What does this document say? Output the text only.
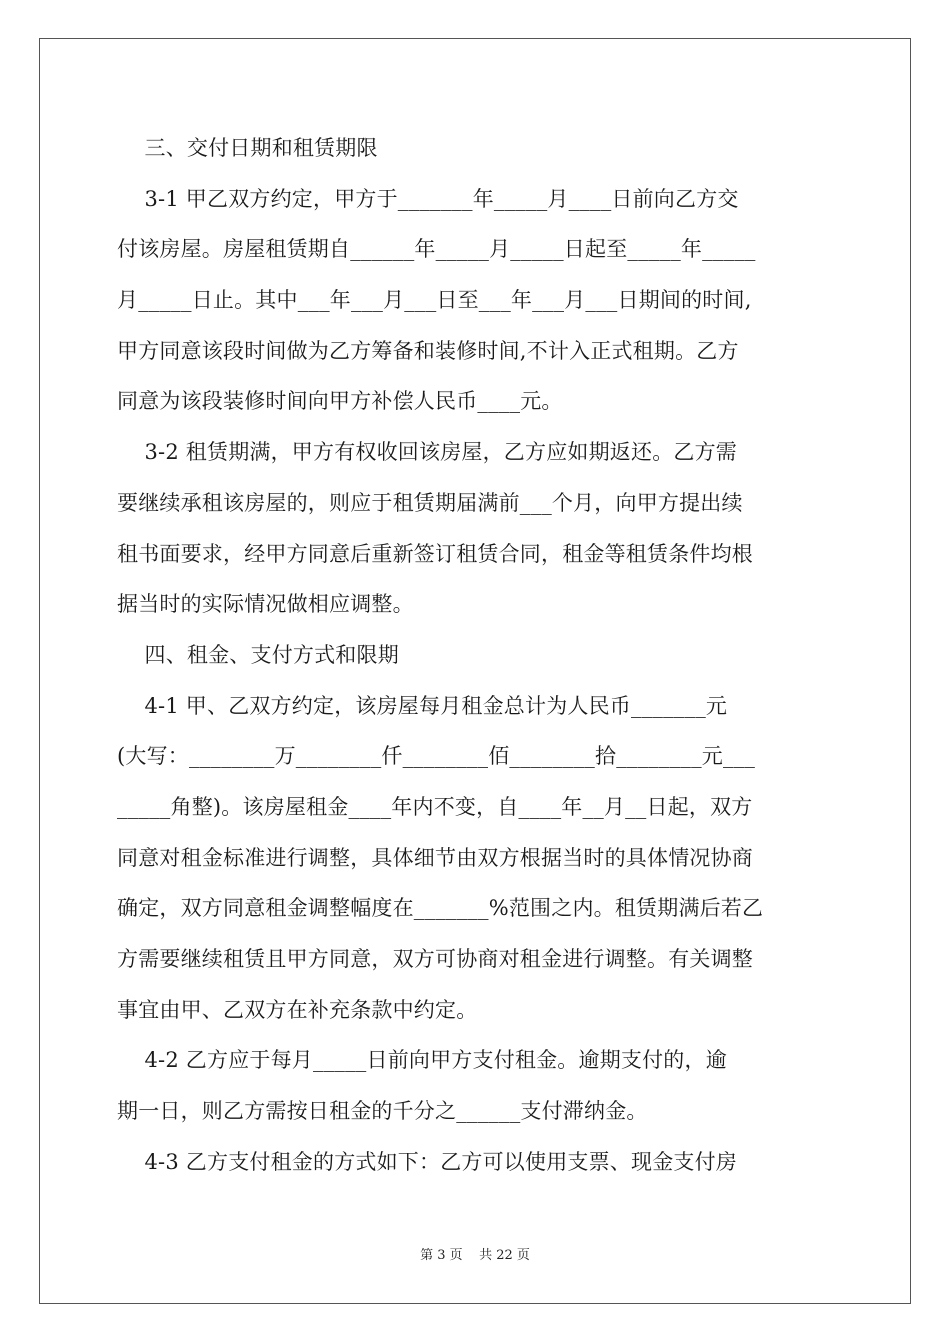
三、交付日期和租赁期限
3-1 甲乙双方约定，甲方于_______年_____月____日前向乙方交
付该房屋。房屋租赁期自______年_____月_____日起至_____年_____
月_____日止。其中___年___月___日至___年___月___日期间的时间,
甲方同意该段时间做为乙方筹备和装修时间,不计入正式租期。乙方
同意为该段装修时间向甲方补偿人民币____元。
3-2 租赁期满，甲方有权收回该房屋，乙方应如期返还。乙方需
要继续承租该房屋的，则应于租赁期届满前___个月，向甲方提出续
租书面要求，经甲方同意后重新签订租赁合同，租金等租赁条件均根
据当时的实际情况做相应调整。
四、租金、支付方式和限期
4-1 甲、乙双方约定，该房屋每月租金总计为人民币_______元
(大写：________万________仟________佰________拾________元___
_____角整)。该房屋租金____年内不变，自____年__月__日起，双方
同意对租金标准进行调整，具体细节由双方根据当时的具体情况协商
确定，双方同意租金调整幅度在_______%范围之内。租赁期满后若乙
方需要继续租赁且甲方同意，双方可协商对租金进行调整。有关调整
事宜由甲、乙双方在补充条款中约定。
4-2 乙方应于每月_____日前向甲方支付租金。逾期支付的，逾
期一日，则乙方需按日租金的千分之______支付滞纳金。
4-3 乙方支付租金的方式如下：乙方可以使用支票、现金支付房
第 3 页    共 22 页
